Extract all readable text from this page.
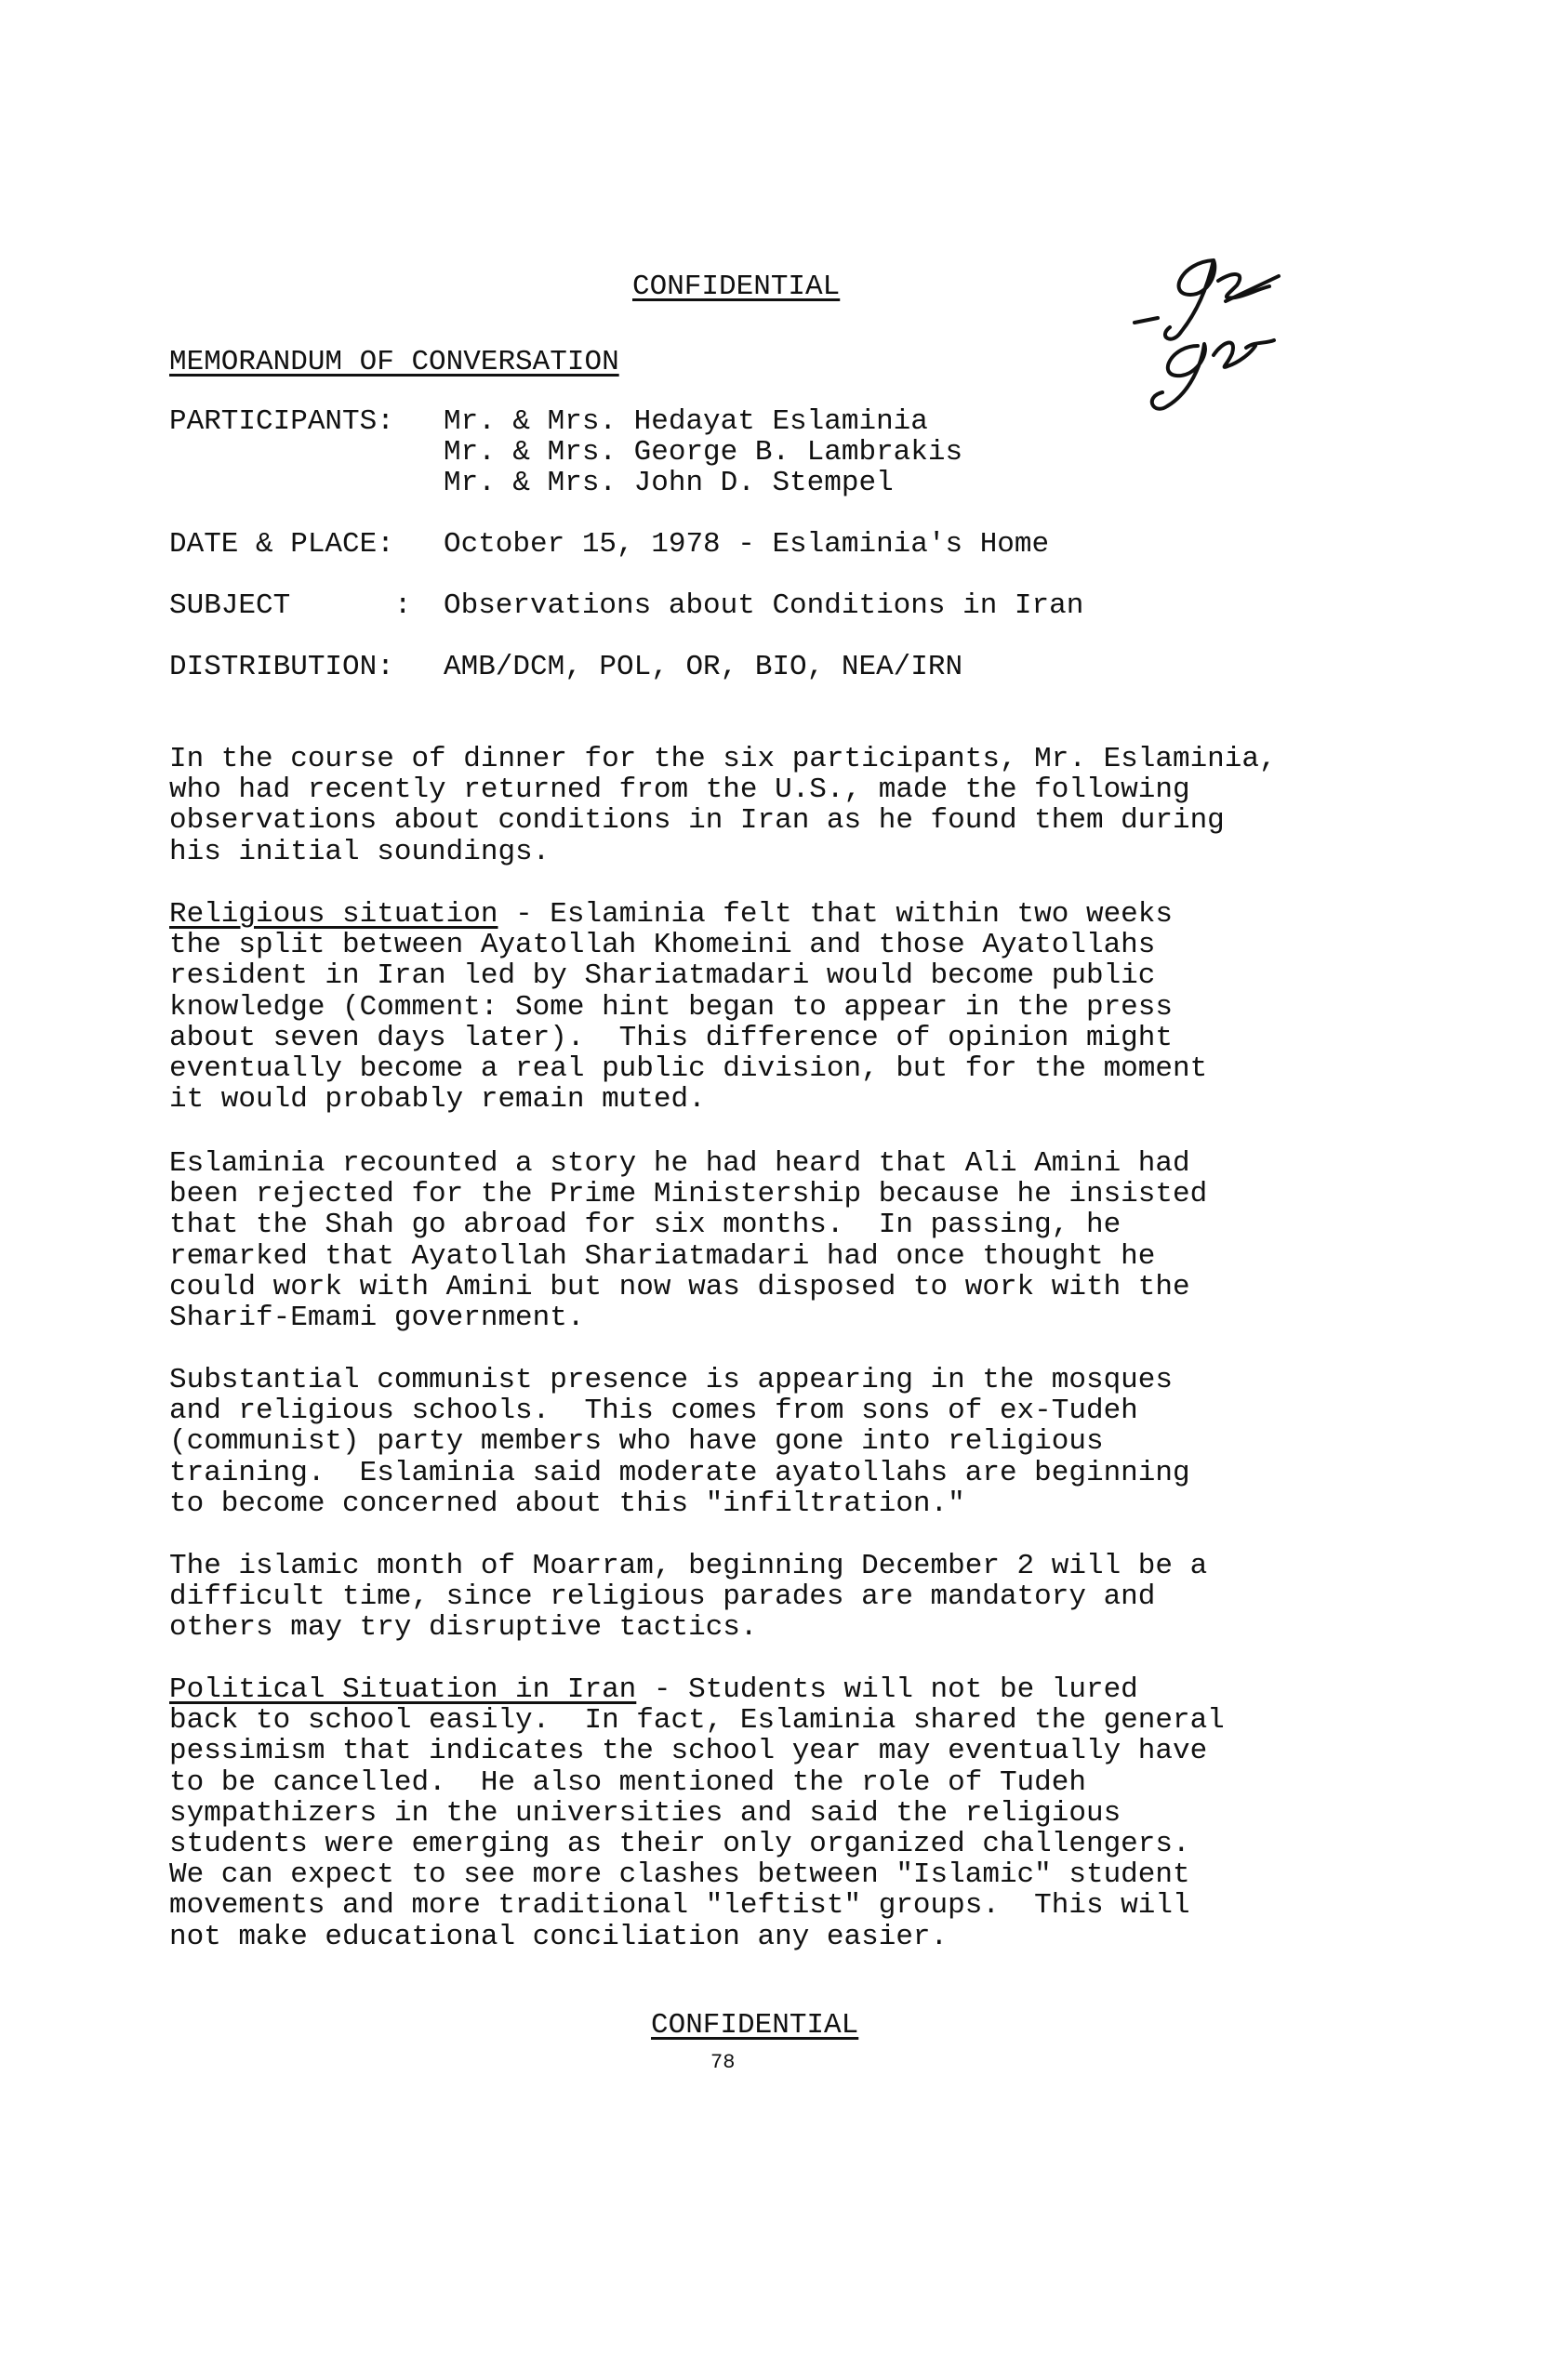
CONFIDENTIAL
MEMORANDUM OF CONVERSATION
PARTICIPANTS: Mr. & Mrs. Hedayat Eslaminia
Mr. & Mrs. George B. Lambrakis
Mr. & Mrs. John D. Stempel
DATE & PLACE: October 15, 1978 - Eslaminia's Home
SUBJECT      : Observations about Conditions in Iran
DISTRIBUTION: AMB/DCM, POL, OR, BIO, NEA/IRN
In the course of dinner for the six participants, Mr. Eslaminia,
who had recently returned from the U.S., made the following
observations about conditions in Iran as he found them during
his initial soundings.
Religious situation - Eslaminia felt that within two weeks
the split between Ayatollah Khomeini and those Ayatollahs
resident in Iran led by Shariatmadari would become public
knowledge (Comment: Some hint began to appear in the press
about seven days later).  This difference of opinion might
eventually become a real public division, but for the moment
it would probably remain muted.
Eslaminia recounted a story he had heard that Ali Amini had
been rejected for the Prime Ministership because he insisted
that the Shah go abroad for six months.  In passing, he
remarked that Ayatollah Shariatmadari had once thought he
could work with Amini but now was disposed to work with the
Sharif-Emami government.
Substantial communist presence is appearing in the mosques
and religious schools.  This comes from sons of ex-Tudeh
(communist) party members who have gone into religious
training.  Eslaminia said moderate ayatollahs are beginning
to become concerned about this "infiltration."
The islamic month of Moarram, beginning December 2 will be a
difficult time, since religious parades are mandatory and
others may try disruptive tactics.
Political Situation in Iran - Students will not be lured
back to school easily.  In fact, Eslaminia shared the general
pessimism that indicates the school year may eventually have
to be cancelled.  He also mentioned the role of Tudeh
sympathizers in the universities and said the religious
students were emerging as their only organized challengers.
We can expect to see more clashes between "Islamic" student
movements and more traditional "leftist" groups.  This will
not make educational conciliation any easier.
CONFIDENTIAL
78
